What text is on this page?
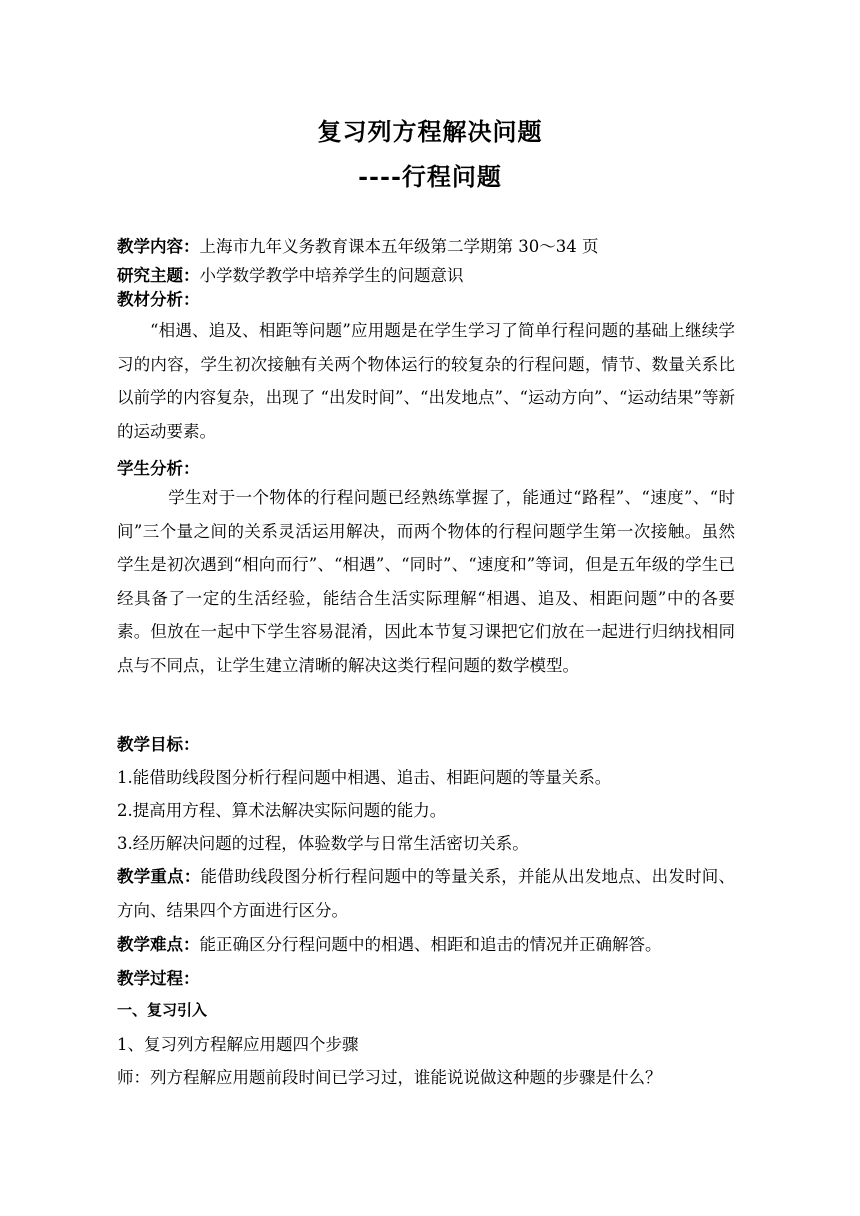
复习列方程解决问题
----行程问题
教学内容：上海市九年义务教育课本五年级第二学期第 30～34 页
研究主题：小学数学教学中培养学生的问题意识
教材分析：
“相遇、追及、相距等问题”应用题是在学生学习了简单行程问题的基础上继续学习的内容，学生初次接触有关两个物体运行的较复杂的行程问题，情节、数量关系比以前学的内容复杂，出现了 “出发时间”、“出发地点”、“运动方向”、“运动结果”等新的运动要素。
学生分析：
学生对于一个物体的行程问题已经熟练掌握了，能通过“路程”、“速度”、“时间”三个量之间的关系灵活运用解决，而两个物体的行程问题学生第一次接触。虽然学生是初次遇到“相向而行”、“相遇”、“同时”、“速度和”等词，但是五年级的学生已经具备了一定的生活经验，能结合生活实际理解“相遇、追及、相距问题”中的各要素。但放在一起中下学生容易混淆，因此本节复习课把它们放在一起进行归纳找相同点与不同点，让学生建立清晰的解决这类行程问题的数学模型。
教学目标：
1.能借助线段图分析行程问题中相遇、追击、相距问题的等量关系。
2.提高用方程、算术法解决实际问题的能力。
3.经历解决问题的过程，体验数学与日常生活密切关系。
教学重点：能借助线段图分析行程问题中的等量关系，并能从出发地点、出发时间、方向、结果四个方面进行区分。
教学难点：能正确区分行程问题中的相遇、相距和追击的情况并正确解答。
教学过程：
一、复习引入
1、复习列方程解应用题四个步骤
师：列方程解应用题前段时间已学习过，谁能说说做这种题的步骤是什么？
